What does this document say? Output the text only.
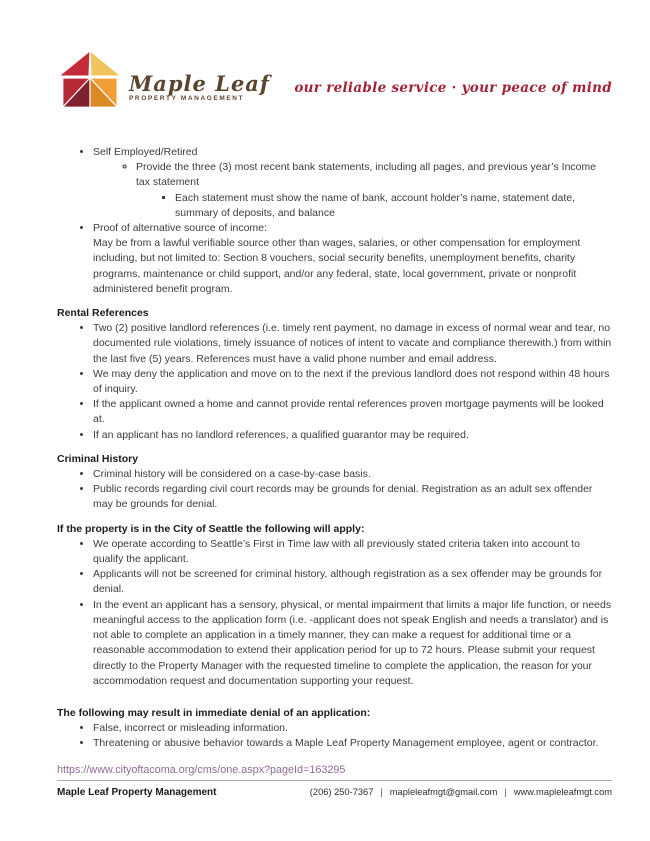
Maple Leaf
PROPERTY MANAGEMENT
our reliable service · your peace of mind
• Self Employed/Retired
◦ Provide the three (3) most recent bank statements, including all pages, and previous year’s Income tax statement
▪ Each statement must show the name of bank, account holder’s name, statement date, summary of deposits, and balance
• Proof of alternative source of income:
May be from a lawful verifiable source other than wages, salaries, or other compensation for employment including, but not limited to: Section 8 vouchers, social security benefits, unemployment benefits, charity programs, maintenance or child support, and/or any federal, state, local government, private or nonprofit administered benefit program.
Rental References
• Two (2) positive landlord references (i.e. timely rent payment, no damage in excess of normal wear and tear, no documented rule violations, timely issuance of notices of intent to vacate and compliance therewith.) from within the last five (5) years. References must have a valid phone number and email address.
• We may deny the application and move on to the next if the previous landlord does not respond within 48 hours of inquiry.
• If the applicant owned a home and cannot provide rental references proven mortgage payments will be looked at.
• If an applicant has no landlord references, a qualified guarantor may be required.
Criminal History
• Criminal history will be considered on a case-by-case basis.
• Public records regarding civil court records may be grounds for denial. Registration as an adult sex offender may be grounds for denial.
If the property is in the City of Seattle the following will apply:
• We operate according to Seattle’s First in Time law with all previously stated criteria taken into account to qualify the applicant.
• Applicants will not be screened for criminal history, although registration as a sex offender may be grounds for denial.
• In the event an applicant has a sensory, physical, or mental impairment that limits a major life function, or needs meaningful access to the application form (i.e. -applicant does not speak English and needs a translator) and is not able to complete an application in a timely manner, they can make a request for additional time or a reasonable accommodation to extend their application period for up to 72 hours. Please submit your request directly to the Property Manager with the requested timeline to complete the application, the reason for your accommodation request and documentation supporting your request.
The following may result in immediate denial of an application:
• False, incorrect or misleading information.
• Threatening or abusive behavior towards a Maple Leaf Property Management employee, agent or contractor.
https://www.cityoftacoma.org/cms/one.aspx?pageId=163295
Maple Leaf Property Management	(206) 250-7367 | mapleleafmgt@gmail.com | www.mapleleafmgt.com
